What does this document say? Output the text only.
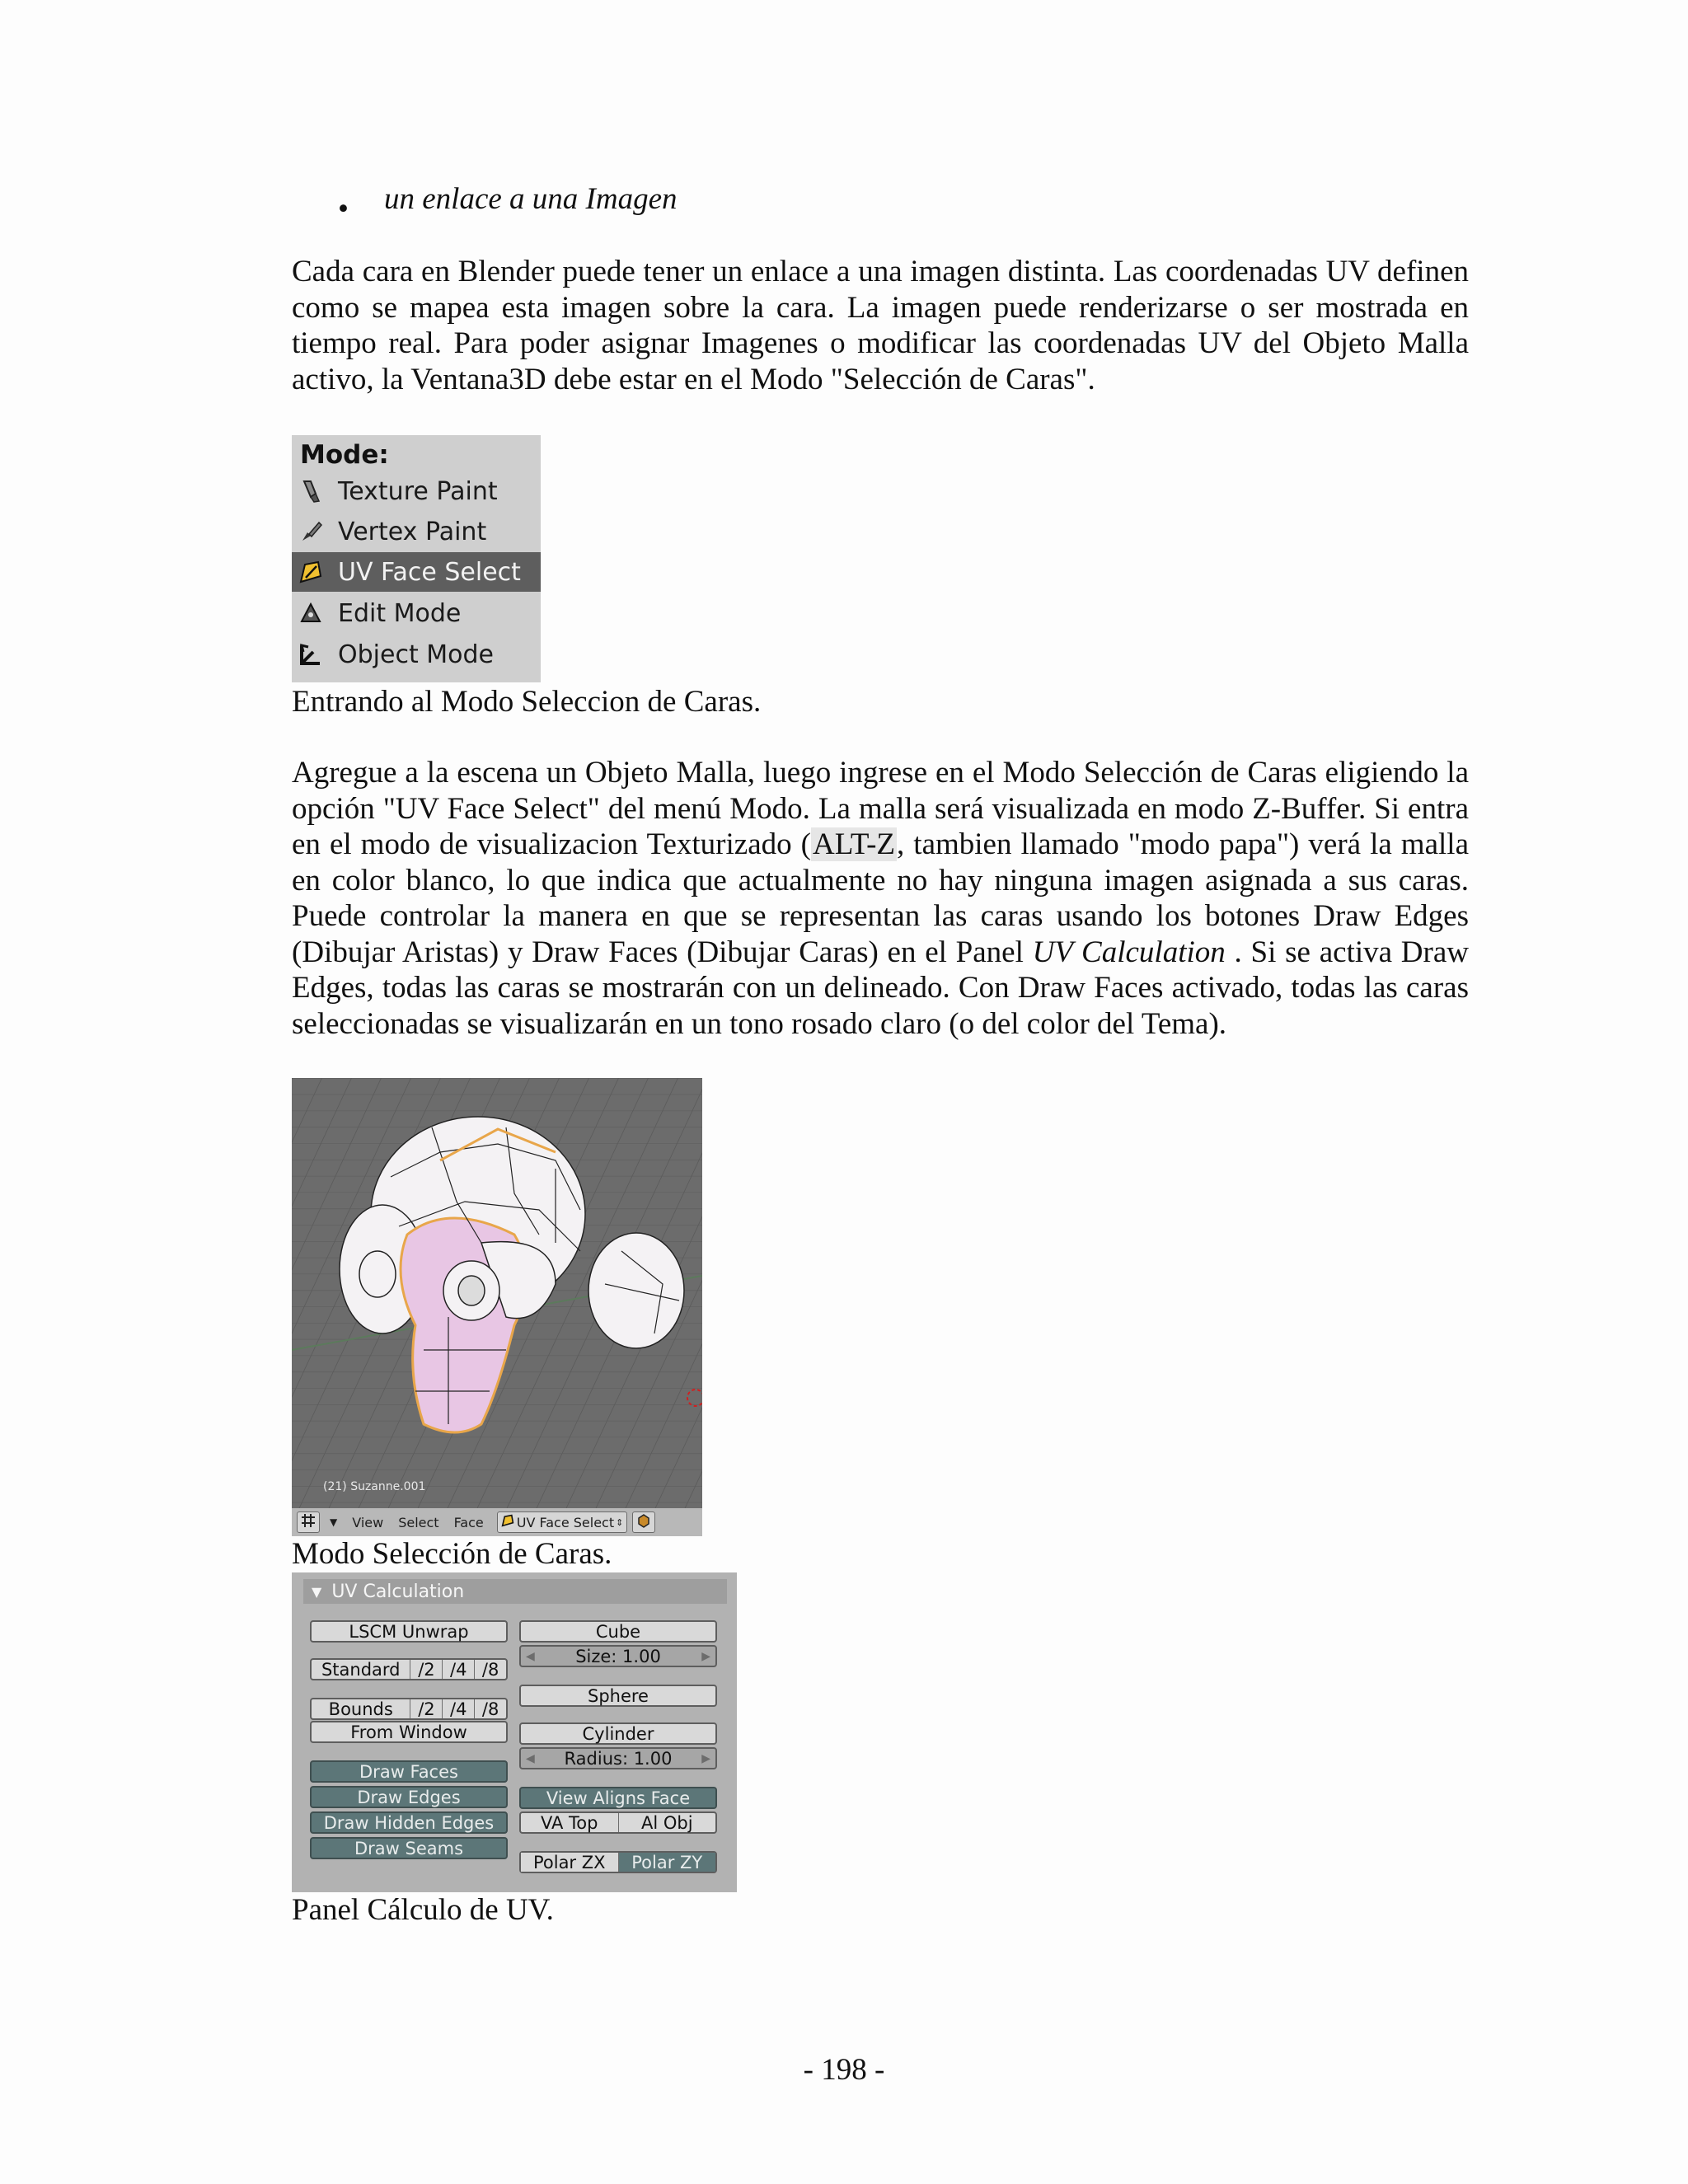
• un enlace a una Imagen

Cada cara en Blender puede tener un enlace a una imagen distinta. Las coordenadas UV definen como se mapea esta imagen sobre la cara. La imagen puede renderizarse o ser mostrada en tiempo real. Para poder asignar Imagenes o modificar las coordenadas UV del Objeto Malla activo, la Ventana3D debe estar en el Modo "Selección de Caras".

Mode:
Texture Paint
Vertex Paint
UV Face Select
Edit Mode
Object Mode
Entrando al Modo Seleccion de Caras.

Agregue a la escena un Objeto Malla, luego ingrese en el Modo Selección de Caras eligiendo la opción "UV Face Select" del menú Modo. La malla será visualizada en modo Z-Buffer. Si entra en el modo de visualizacion Texturizado (ALT-Z, tambien llamado "modo papa") verá la malla en color blanco, lo que indica que actualmente no hay ninguna imagen asignada a sus caras. Puede controlar la manera en que se representan las caras usando los botones Draw Edges (Dibujar Aristas) y Draw Faces (Dibujar Caras) en el Panel UV Calculation . Si se activa Draw Edges, todas las caras se mostrarán con un delineado. Con Draw Faces activado, todas las caras seleccionadas se visualizarán en un tono rosado claro (o del color del Tema).

(21) Suzanne.001
▼ View Select Face	UV Face Select ⇕
Modo Selección de Caras.
▼ UV Calculation
LSCM Unwrap
Standard	/2 /4 /8
Bounds	/2 /4 /8
From Window
Draw Faces
Draw Edges
Draw Hidden Edges
Draw Seams
Cube
◀ Size: 1.00	▶
Sphere
Cylinder
◀ Radius: 1.00	▶
View Aligns Face
VA Top	Al Obj
Polar ZX	Polar ZY
Panel Cálculo de UV.
- 198 -
